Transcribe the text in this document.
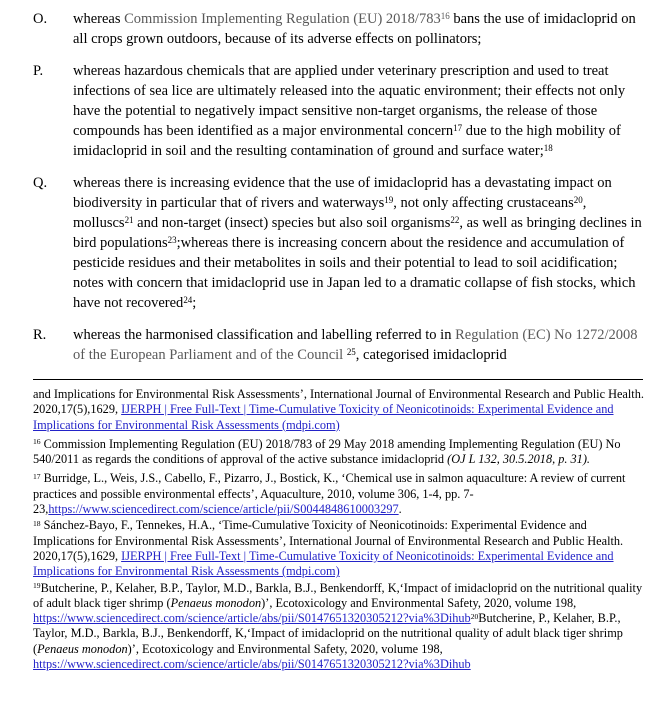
O.	whereas Commission Implementing Regulation (EU) $2018/783^{16}$ bans the use of imidacloprid on all crops grown outdoors, because of its adverse effects on pollinators;
P.	whereas hazardous chemicals that are applied under veterinary prescription and used to treat infections of sea lice are ultimately released into the aquatic environment; their effects not only have the potential to negatively impact sensitive non-target organisms, the release of those compounds has been identified as a major environmental concern$^{17}$ due to the high mobility of imidacloprid in soil and the resulting contamination of ground and surface water;$^{18}$
Q.	whereas there is increasing evidence that the use of imidacloprid has a devastating impact on biodiversity in particular that of rivers and waterways$^{19}$, not only affecting crustaceans$^{20}$, molluscs$^{21}$ and non-target (insect) species but also soil organisms$^{22}$, as well as bringing declines in bird populations$^{23}$;whereas there is increasing concern about the residence and accumulation of pesticide residues and their metabolites in soils and their potential to lead to soil acidification; notes with concern that imidacloprid use in Japan led to a dramatic collapse of fish stocks, which have not recovered$^{24}$;
R.	whereas the harmonised classification and labelling referred to in Regulation (EC) No 1272/2008 of the European Parliament and of the Council $^{25}$, categorised imidacloprid
and Implications for Environmental Risk Assessments’, International Journal of Environmental Research and Public Health. 2020,17(5),1629, IJERPH | Free Full-Text | Time-Cumulative Toxicity of Neonicotinoids: Experimental Evidence and Implications for Environmental Risk Assessments (mdpi.com)
$^{16}$ Commission Implementing Regulation (EU) 2018/783 of 29 May 2018 amending Implementing Regulation (EU) No 540/2011 as regards the conditions of approval of the active substance imidacloprid (OJ L 132, 30.5.2018, p. 31).
$^{17}$ Burridge, L., Weis, J.S., Cabello, F., Pizarro, J., Bostick, K., ‘Chemical use in salmon aquaculture: A review of current practices and possible environmental effects’, Aquaculture, 2010, volume 306, 1-4, pp. 7-23,https://www.sciencedirect.com/science/article/pii/S0044848610003297.
$^{18}$ Sánchez-Bayo, F., Tennekes, H.A., ‘Time-Cumulative Toxicity of Neonicotinoids: Experimental Evidence and Implications for Environmental Risk Assessments’, International Journal of Environmental Research and Public Health. 2020,17(5),1629, IJERPH | Free Full-Text | Time-Cumulative Toxicity of Neonicotinoids: Experimental Evidence and Implications for Environmental Risk Assessments (mdpi.com)
$^{19}$Butcherine, P., Kelaher, B.P., Taylor, M.D., Barkla, B.J., Benkendorff, K,‘Impact of imidacloprid on the nutritional quality of adult black tiger shrimp (Penaeus monodon)’, Ecotoxicology and Environmental Safety, 2020, volume 198,
https://www.sciencedirect.com/science/article/abs/pii/S0147651320305212?via%3Dihub$^{20}$Butcherine, P., Kelaher, B.P., Taylor, M.D., Barkla, B.J., Benkendorff, K,‘Impact of imidacloprid on the nutritional quality of adult black tiger shrimp (Penaeus monodon)’, Ecotoxicology and Environmental Safety, 2020, volume 198, https://www.sciencedirect.com/science/article/abs/pii/S0147651320305212?via%3Dihub
